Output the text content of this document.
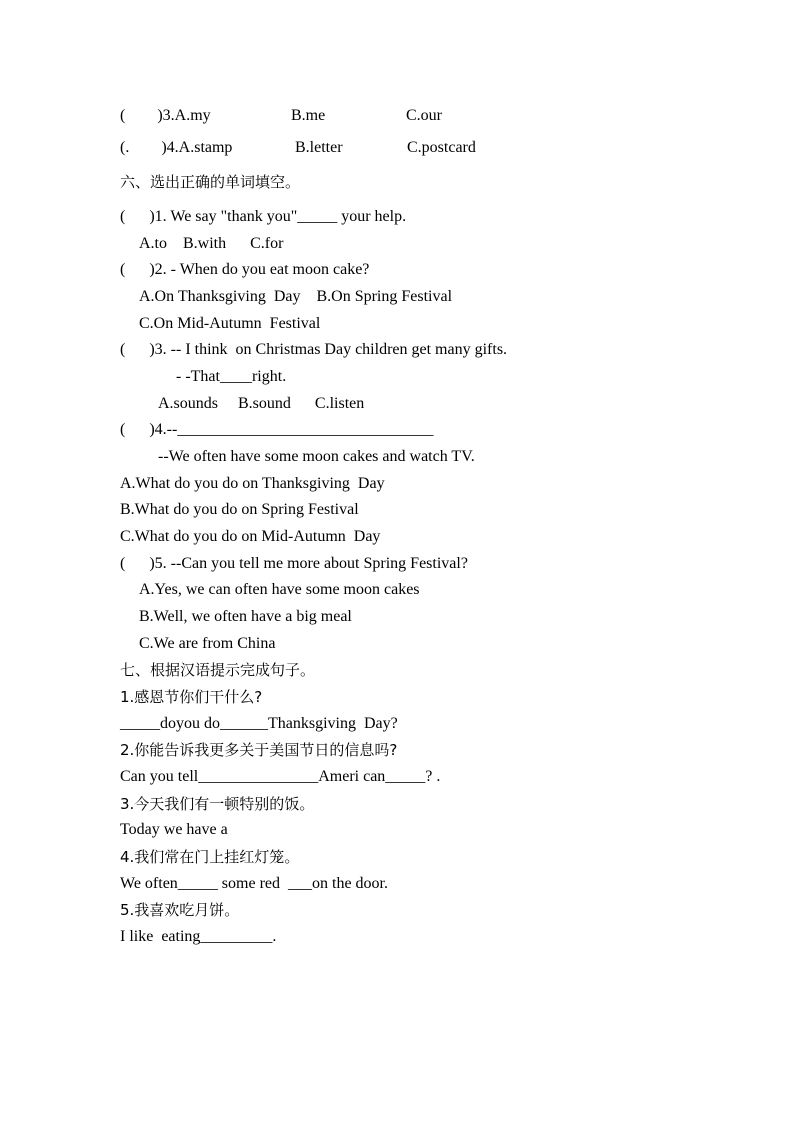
(        )3.A.my	B.me	C.our
(.        )4.A.stamp	B.letter	C.postcard
六、选出正确的单词填空。
(      )1. We say "thank you"_____ your help.
A.to    B.with      C.for
(      )2. - When do you eat moon cake?
A.On Thanksgiving  Day    B.On Spring Festival
C.On Mid-Autumn  Festival
(      )3. -- I think  on Christmas Day children get many gifts.
- -That____right.
A.sounds     B.sound      C.listen
(      )4.--________________________________
--We often have some moon cakes and watch TV.
A.What do you do on Thanksgiving  Day
B.What do you do on Spring Festival
C.What do you do on Mid-Autumn  Day
(      )5. --Can you tell me more about Spring Festival?
A.Yes, we can often have some moon cakes
B.Well, we often have a big meal
C.We are from China
七、根据汉语提示完成句子。
1.感恩节你们干什么?
_____doyou do______Thanksgiving  Day?
2.你能告诉我更多关于美国节日的信息吗?
Can you tell_______________Ameri can_____? .
3.今天我们有一顿特别的饭。
Today we have a
4.我们常在门上挂红灯笼。
We often_____ some red  ___on the door.
5.我喜欢吃月饼。
I like  eating_________.
